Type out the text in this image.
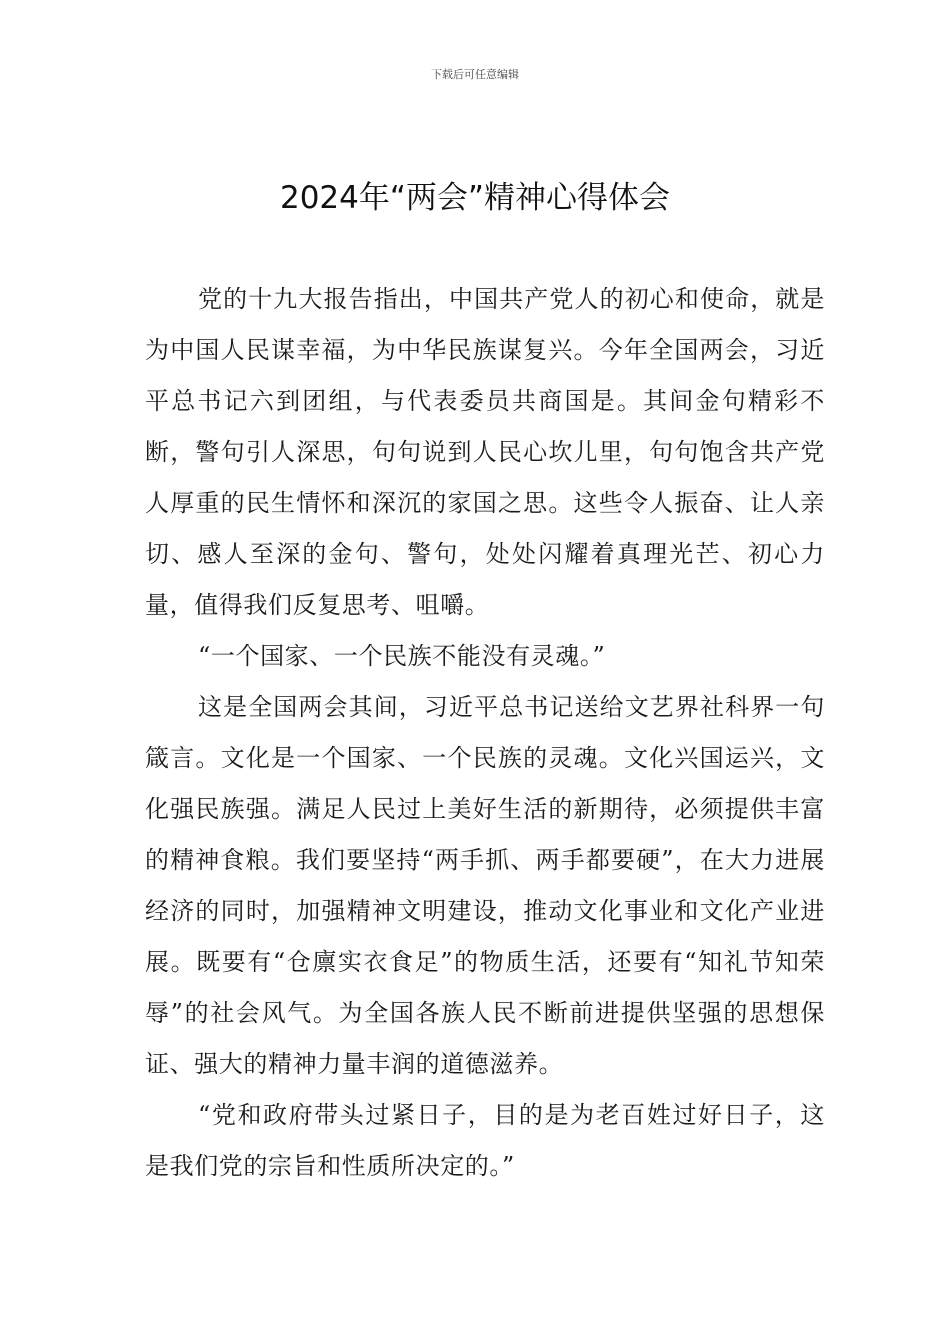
下载后可任意编辑
2024年“两会”精神心得体会

党的十九大报告指出，中国共产党人的初心和使命，就是为中国人民谋幸福，为中华民族谋复兴。今年全国两会，习近平总书记六到团组，与代表委员共商国是。其间金句精彩不断，警句引人深思，句句说到人民心坎儿里，句句饱含共产党人厚重的民生情怀和深沉的家国之思。这些令人振奋、让人亲切、感人至深的金句、警句，处处闪耀着真理光芒、初心力量，值得我们反复思考、咀嚼。

“一个国家、一个民族不能没有灵魂。”

这是全国两会其间，习近平总书记送给文艺界社科界一句箴言。文化是一个国家、一个民族的灵魂。文化兴国运兴，文化强民族强。满足人民过上美好生活的新期待，必须提供丰富的精神食粮。我们要坚持“两手抓、两手都要硬”，在大力进展经济的同时，加强精神文明建设，推动文化事业和文化产业进展。既要有“仓廪实衣食足”的物质生活，还要有“知礼节知荣辱”的社会风气。为全国各族人民不断前进提供坚强的思想保证、强大的精神力量丰润的道德滋养。

“党和政府带头过紧日子，目的是为老百姓过好日子，这是我们党的宗旨和性质所决定的。”
